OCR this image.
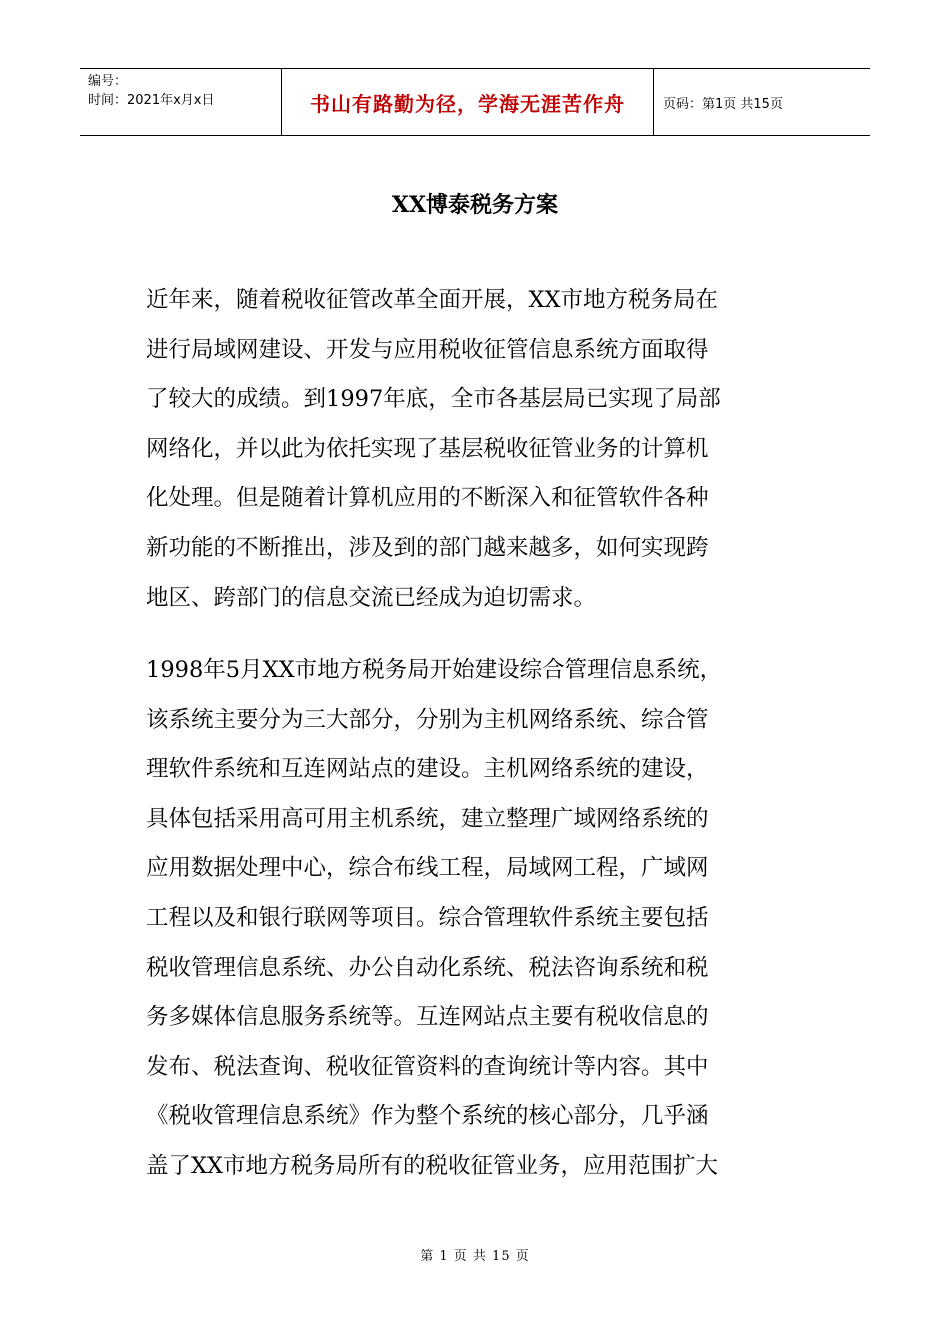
编号：
时间：2021年x月x日	书山有路勤为径，学海无涯苦作舟	页码：第1页 共15页
XX博泰税务方案
近年来，随着税收征管改革全面开展，XX市地方税务局在
进行局域网建设、开发与应用税收征管信息系统方面取得
了较大的成绩。到1997年底，全市各基层局已实现了局部
网络化，并以此为依托实现了基层税收征管业务的计算机
化处理。但是随着计算机应用的不断深入和征管软件各种
新功能的不断推出，涉及到的部门越来越多，如何实现跨
地区、跨部门的信息交流已经成为迫切需求。
1998年5月XX市地方税务局开始建设综合管理信息系统，
该系统主要分为三大部分，分别为主机网络系统、综合管
理软件系统和互连网站点的建设。主机网络系统的建设，
具体包括采用高可用主机系统，建立整理广域网络系统的
应用数据处理中心，综合布线工程，局域网工程，广域网
工程以及和银行联网等项目。综合管理软件系统主要包括
税收管理信息系统、办公自动化系统、税法咨询系统和税
务多媒体信息服务系统等。互连网站点主要有税收信息的
发布、税法查询、税收征管资料的查询统计等内容。其中
《税收管理信息系统》作为整个系统的核心部分，几乎涵
盖了XX市地方税务局所有的税收征管业务，应用范围扩大
第 1 页 共 15 页
